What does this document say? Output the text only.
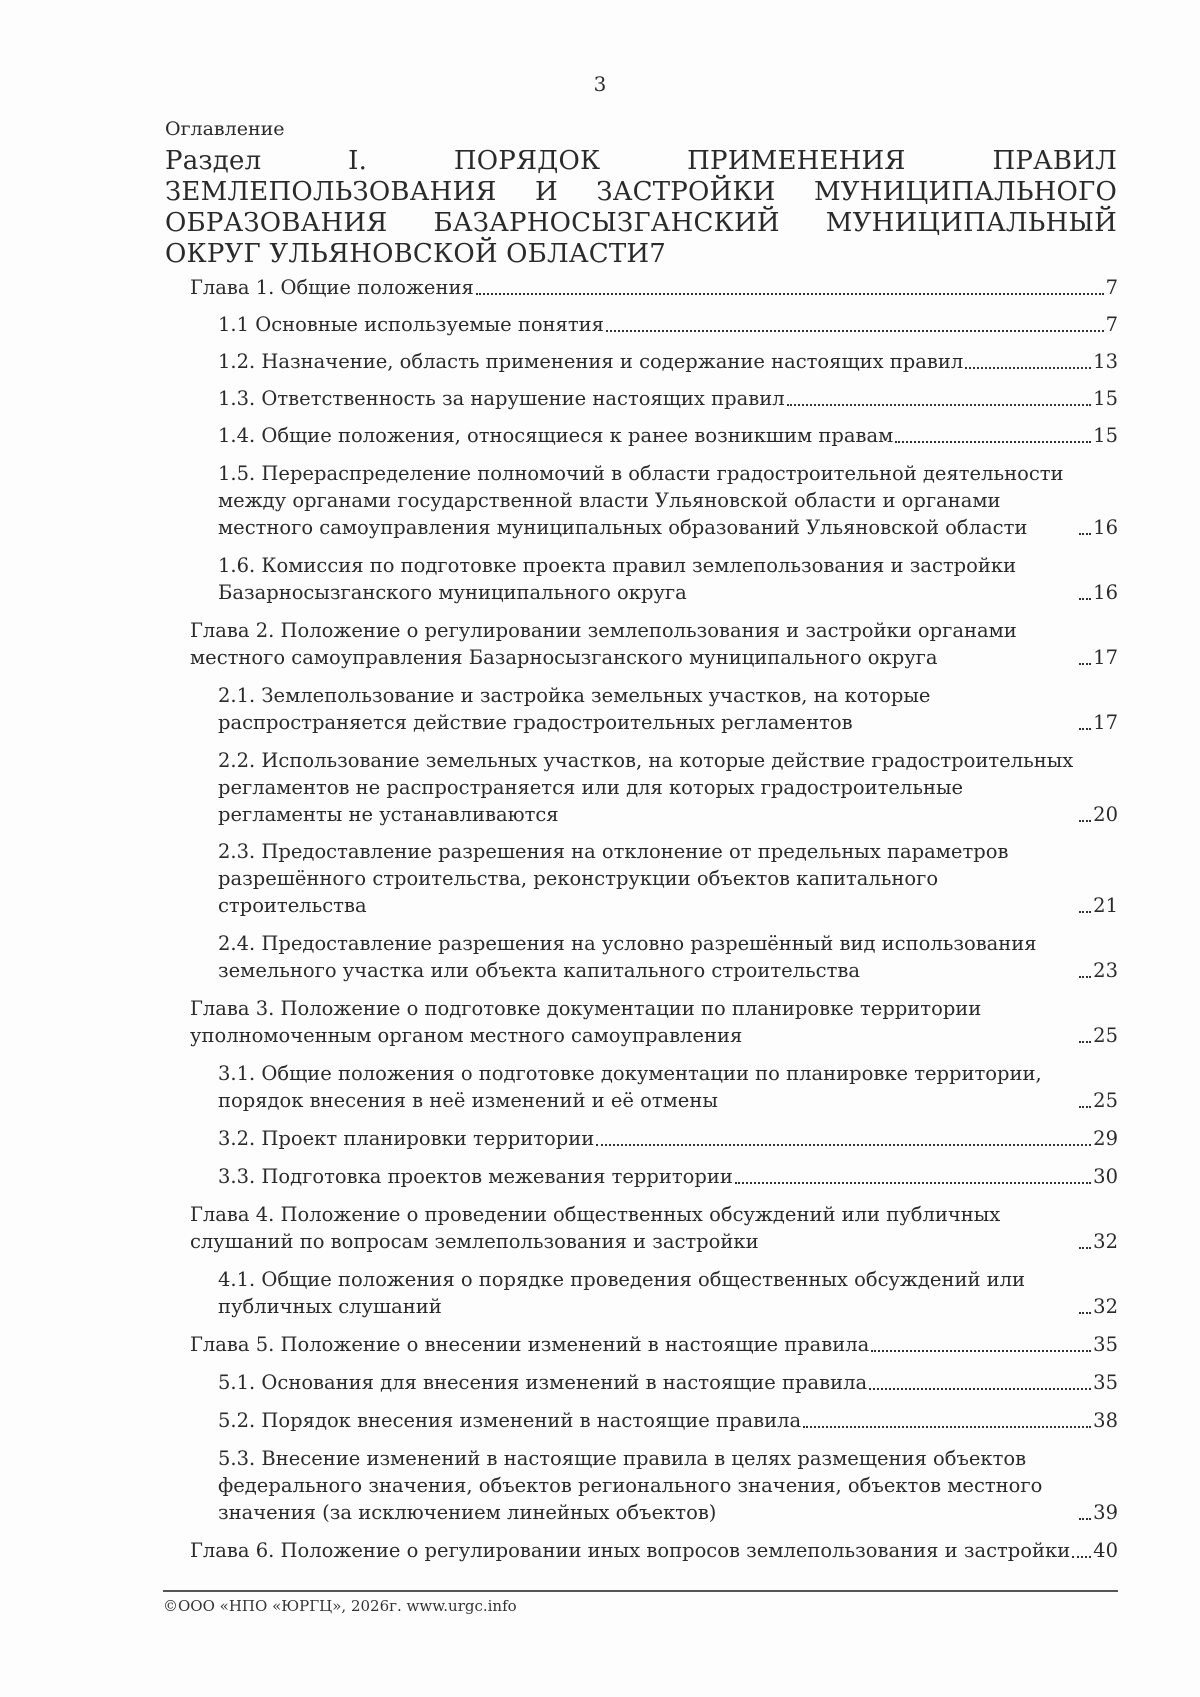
3
Оглавление
Раздел I. ПОРЯДОК ПРИМЕНЕНИЯ ПРАВИЛ ЗЕМЛЕПОЛЬЗОВАНИЯ И ЗАСТРОЙКИ МУНИЦИПАЛЬНОГО ОБРАЗОВАНИЯ БАЗАРНОСЫЗГАНСКИЙ МУНИЦИПАЛЬНЫЙ ОКРУГ УЛЬЯНОВСКОЙ ОБЛАСТИ7
Глава 1. Общие положения	7
1.1 Основные используемые понятия	7
1.2. Назначение, область применения и содержание настоящих правил	13
1.3. Ответственность за нарушение настоящих правил	15
1.4. Общие положения, относящиеся к ранее возникшим правам	15
1.5. Перераспределение полномочий в области градостроительной деятельности между органами государственной власти Ульяновской области и органами местного самоуправления муниципальных образований Ульяновской области	16
1.6. Комиссия по подготовке проекта правил землепользования и застройки Базарносызганского муниципального округа	16
Глава 2. Положение о регулировании землепользования и застройки органами местного самоуправления Базарносызганского муниципального округа	17
2.1. Землепользование и застройка земельных участков, на которые распространяется действие градостроительных регламентов	17
2.2. Использование земельных участков, на которые действие градостроительных регламентов не распространяется или для которых градостроительные регламенты не устанавливаются	20
2.3. Предоставление разрешения на отклонение от предельных параметров разрешённого строительства, реконструкции объектов капитального строительства	21
2.4. Предоставление разрешения на условно разрешённый вид использования земельного участка или объекта капитального строительства	23
Глава 3. Положение о подготовке документации по планировке территории уполномоченным органом местного самоуправления	25
3.1. Общие положения о подготовке документации по планировке территории, порядок внесения в неё изменений и её отмены	25
3.2. Проект планировки территории	29
3.3. Подготовка проектов межевания территории	30
Глава 4. Положение о проведении общественных обсуждений или публичных слушаний по вопросам землепользования и застройки	32
4.1. Общие положения о порядке проведения общественных обсуждений или публичных слушаний	32
Глава 5. Положение о внесении изменений в настоящие правила	35
5.1. Основания для внесения изменений в настоящие правила	35
5.2. Порядок внесения изменений в настоящие правила	38
5.3. Внесение изменений в настоящие правила в целях размещения объектов федерального значения, объектов регионального значения, объектов местного значения (за исключением линейных объектов)	39
Глава 6. Положение о регулировании иных вопросов землепользования и застройки 40
©ООО «НПО «ЮРГЦ», 2026г. www.urgc.info
